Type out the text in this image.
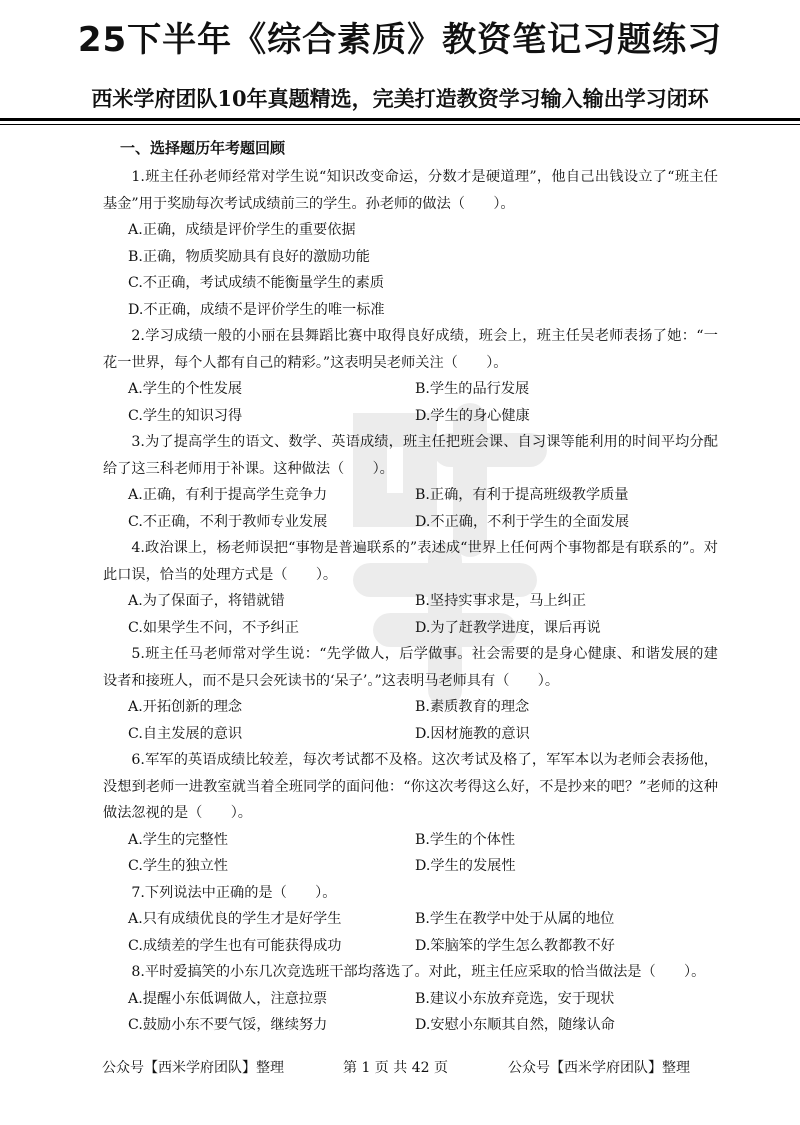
25下半年《综合素质》教资笔记习题练习
西米学府团队10年真题精选，完美打造教资学习输入输出学习闭环
一、选择题历年考题回顾

1.班主任孙老师经常对学生说“知识改变命运，分数才是硬道理”，他自己出钱设立了“班主任基金”用于奖励每次考试成绩前三的学生。孙老师的做法（　　）。

A.正确，成绩是评价学生的重要依据
B.正确，物质奖励具有良好的激励功能
C.不正确，考试成绩不能衡量学生的素质
D.不正确，成绩不是评价学生的唯一标准

2.学习成绩一般的小丽在县舞蹈比赛中取得良好成绩，班会上，班主任吴老师表扬了她：“一花一世界，每个人都有自己的精彩。”这表明吴老师关注（　　）。

A.学生的个性发展	B.学生的品行发展
C.学生的知识习得	D.学生的身心健康

3.为了提高学生的语文、数学、英语成绩，班主任把班会课、自习课等能利用的时间平均分配给了这三科老师用于补课。这种做法（　　）。

A.正确，有利于提高学生竞争力	B.正确，有利于提高班级教学质量
C.不正确，不利于教师专业发展	D.不正确，不利于学生的全面发展

4.政治课上，杨老师误把“事物是普遍联系的”表述成“世界上任何两个事物都是有联系的”。对此口误，恰当的处理方式是（　　）。

A.为了保面子，将错就错	B.坚持实事求是，马上纠正
C.如果学生不问，不予纠正	D.为了赶教学进度，课后再说

5.班主任马老师常对学生说：“先学做人，后学做事。社会需要的是身心健康、和谐发展的建设者和接班人，而不是只会死读书的‘呆子’。”这表明马老师具有（　　）。

A.开拓创新的理念	B.素质教育的理念
C.自主发展的意识	D.因材施教的意识

6.军军的英语成绩比较差，每次考试都不及格。这次考试及格了，军军本以为老师会表扬他，没想到老师一进教室就当着全班同学的面问他：“你这次考得这么好，不是抄来的吧？”老师的这种做法忽视的是（　　）。

A.学生的完整性	B.学生的个体性
C.学生的独立性	D.学生的发展性

7.下列说法中正确的是（　　）。

A.只有成绩优良的学生才是好学生	B.学生在教学中处于从属的地位
C.成绩差的学生也有可能获得成功	D.笨脑笨的学生怎么教都教不好

8.平时爱搞笑的小东几次竞选班干部均落选了。对此，班主任应采取的恰当做法是（　　）。

A.提醒小东低调做人，注意拉票	B.建议小东放弃竞选，安于现状
C.鼓励小东不要气馁，继续努力	D.安慰小东顺其自然，随缘认命
公众号【西米学府团队】整理	第 1 页 共 42 页	公众号【西米学府团队】整理
